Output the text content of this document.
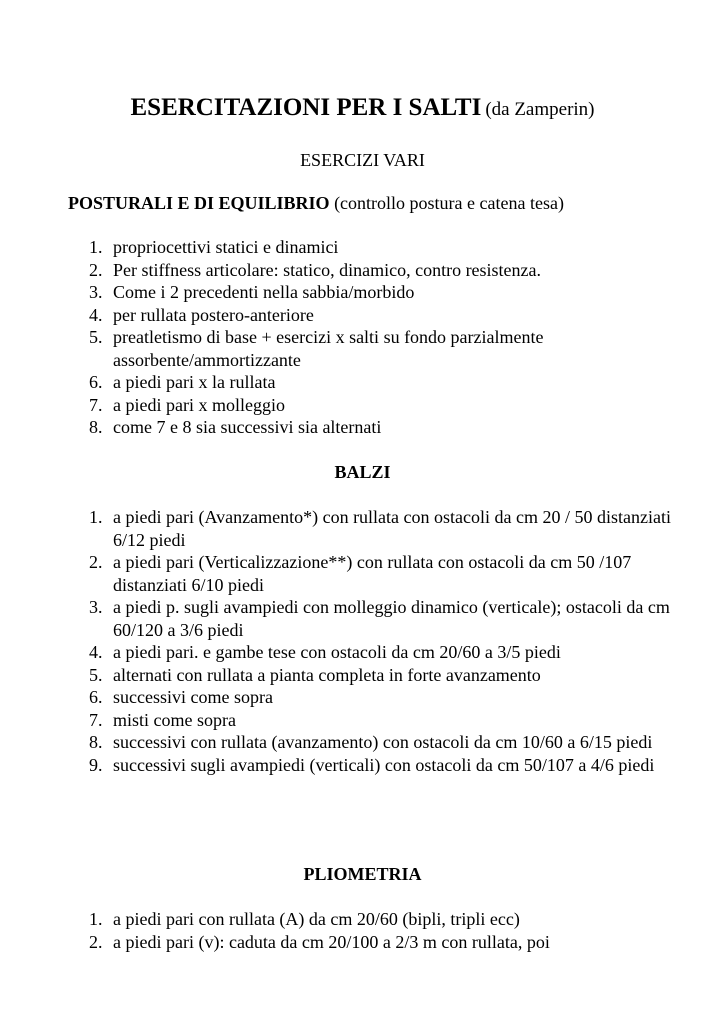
ESERCITAZIONI PER I SALTI (da Zamperin)
ESERCIZI VARI
POSTURALI E DI EQUILIBRIO (controllo postura e catena tesa)
1. propriocettivi statici e dinamici
2. Per stiffness articolare: statico, dinamico, contro resistenza.
3. Come i 2 precedenti nella sabbia/morbido
4. per rullata postero-anteriore
5. preatletismo di base + esercizi x salti su fondo parzialmente assorbente/ammortizzante
6. a piedi pari x la rullata
7. a piedi pari x molleggio
8. come 7 e 8 sia successivi sia alternati
BALZI
1. a piedi pari (Avanzamento*) con rullata con ostacoli da cm 20 / 50 distanziati 6/12 piedi
2. a piedi pari (Verticalizzazione**) con rullata con ostacoli da cm 50 /107 distanziati 6/10 piedi
3. a piedi p. sugli avampiedi con molleggio dinamico (verticale); ostacoli da cm 60/120 a 3/6 piedi
4. a piedi pari. e gambe tese con ostacoli da cm 20/60 a 3/5 piedi
5. alternati con rullata a pianta completa in forte avanzamento
6. successivi come sopra
7. misti come sopra
8. successivi con rullata (avanzamento) con ostacoli da cm 10/60 a 6/15 piedi
9. successivi sugli avampiedi (verticali) con ostacoli da cm 50/107 a 4/6 piedi
PLIOMETRIA
1. a piedi pari con rullata (A) da cm 20/60 (bipli, tripli ecc)
2. a piedi pari (v): caduta da cm 20/100 a 2/3 m con rullata, poi
